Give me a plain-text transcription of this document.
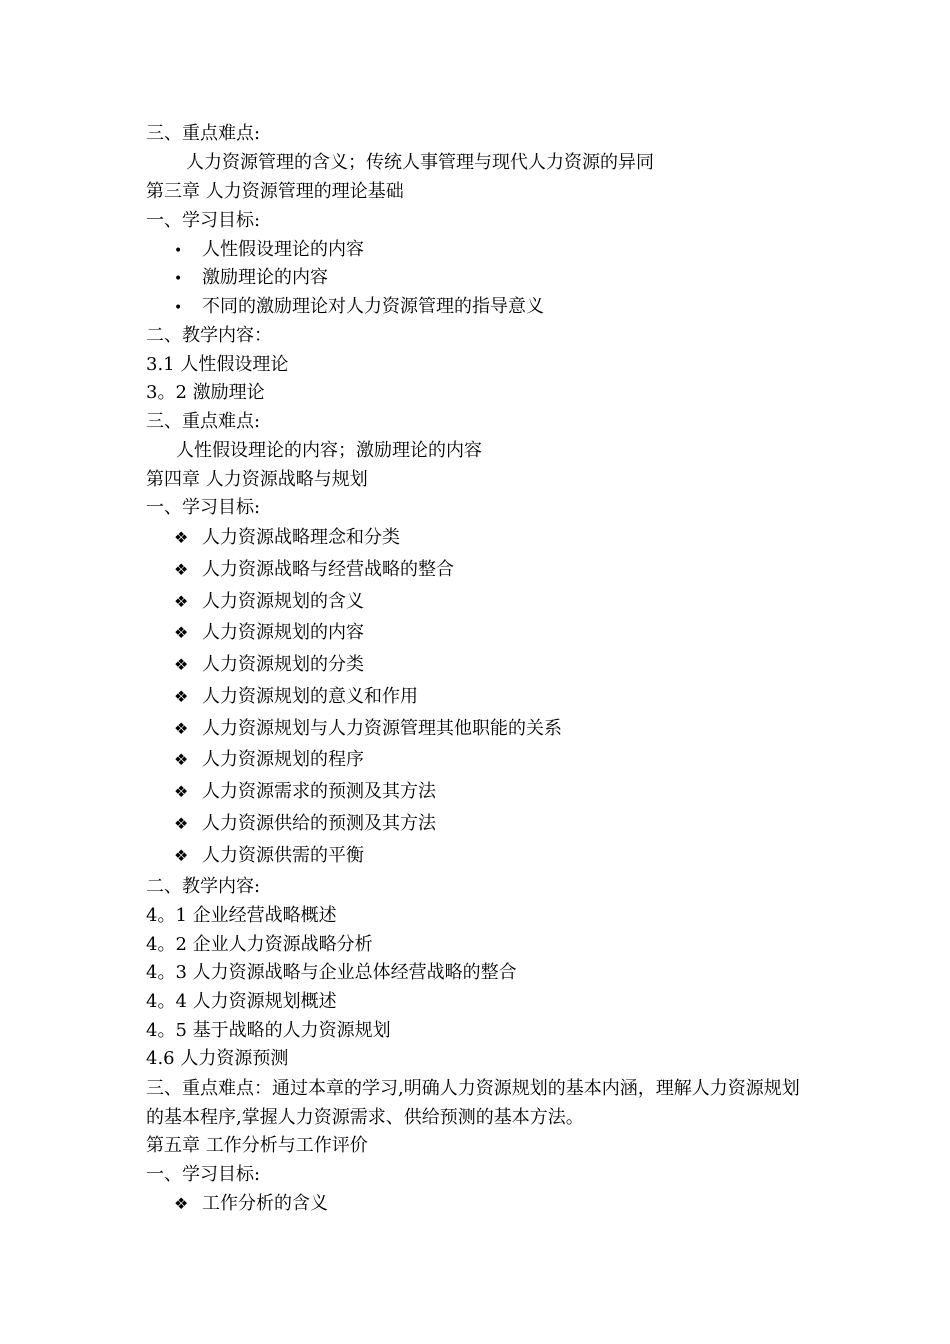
三、重点难点:
人力资源管理的含义；传统人事管理与现代人力资源的异同
第三章 人力资源管理的理论基础
一、学习目标:
• 人性假设理论的内容
• 激励理论的内容
• 不同的激励理论对人力资源管理的指导意义
二、教学内容：
3.1 人性假设理论
3。2 激励理论
三、重点难点:
人性假设理论的内容；激励理论的内容
第四章 人力资源战略与规划
一、学习目标:
❖ 人力资源战略理念和分类
❖ 人力资源战略与经营战略的整合
❖ 人力资源规划的含义
❖ 人力资源规划的内容
❖ 人力资源规划的分类
❖ 人力资源规划的意义和作用
❖ 人力资源规划与人力资源管理其他职能的关系
❖ 人力资源规划的程序
❖ 人力资源需求的预测及其方法
❖ 人力资源供给的预测及其方法
❖ 人力资源供需的平衡
二、教学内容:
4。1 企业经营战略概述
4。2 企业人力资源战略分析
4。3 人力资源战略与企业总体经营战略的整合
4。4 人力资源规划概述
4。5 基于战略的人力资源规划
4.6 人力资源预测
三、重点难点：通过本章的学习,明确人力资源规划的基本内涵，理解人力资源规划的基本程序,掌握人力资源需求、供给预测的基本方法。
第五章 工作分析与工作评价
一、学习目标:
❖ 工作分析的含义
